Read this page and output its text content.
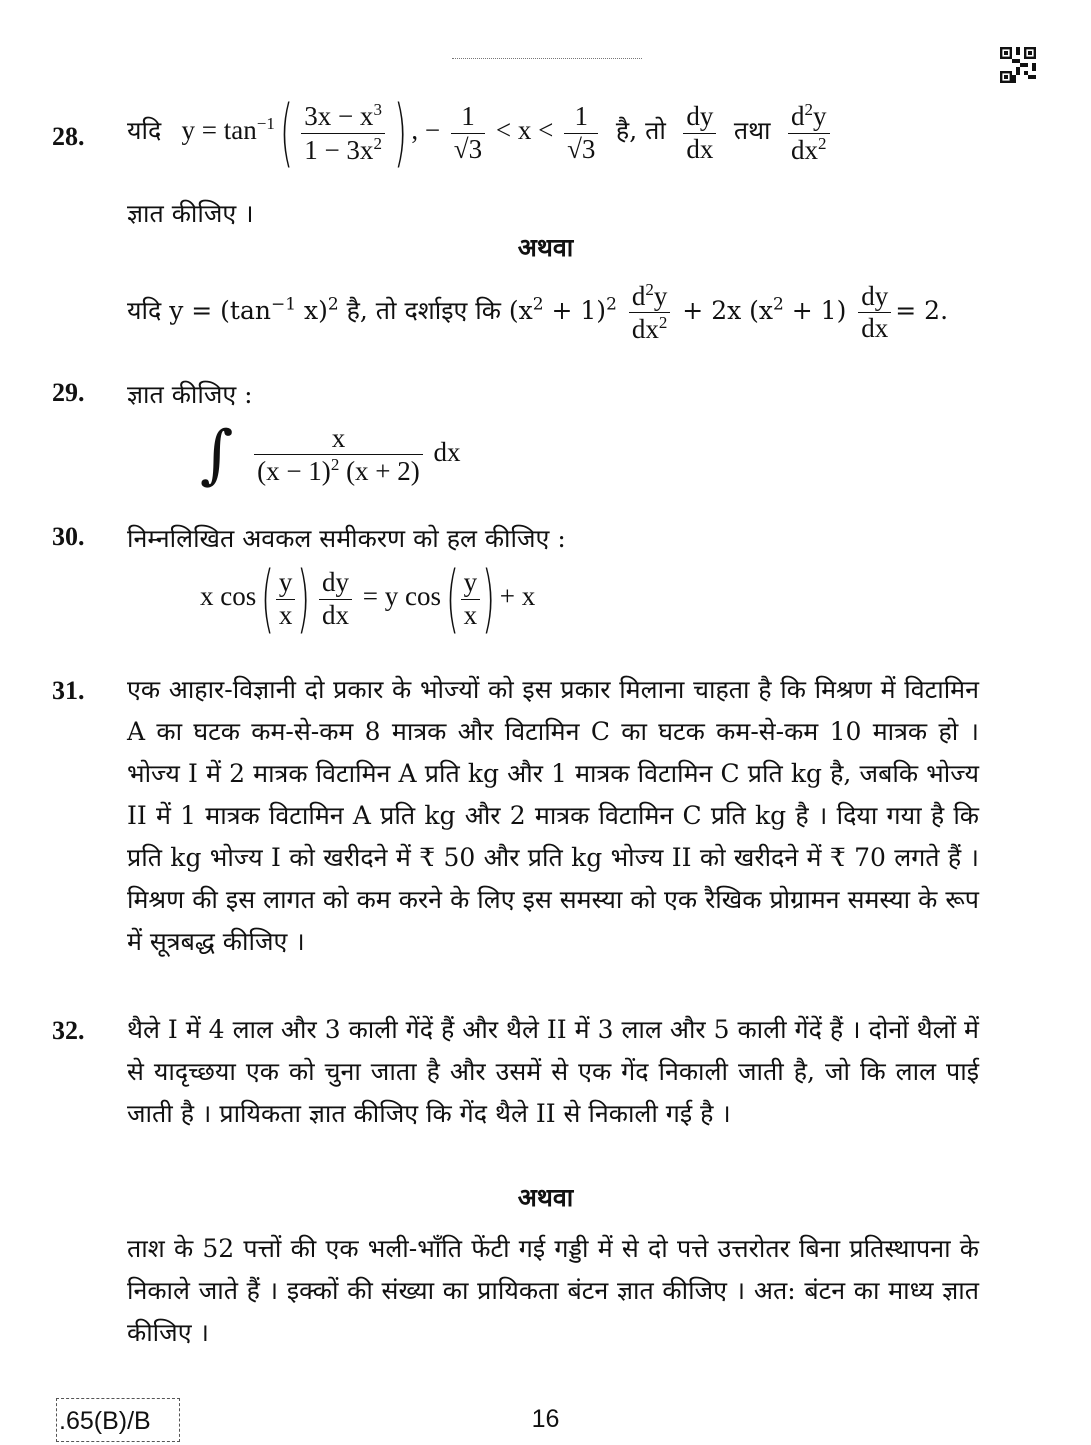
28. यदि $y = \tan^{-1}$ ( $\frac{3x - x^3}{1 - 3x^2}$ ) , − $\frac{1}{√3} < x < \frac{1}{√3}$ है, तो $\frac{dy}{dx}$ तथा $\frac{d^2y}{dx^2}$
ज्ञात कीजिए ।
अथवा
यदि $y = (\tan^{-1}$ x)$^2$ है, तो दर्शाइए कि $(x^2 + 1)^2 \frac{d^2y}{dx^2} + 2x$ $(x^2 + 1) \frac{dy}{dx} = 2$.
29. ज्ञात कीजिए :
∫ $\frac{x}{(x - 1)^2 (x + 2)}$ dx
30. निम्नलिखित अवकल समीकरण को हल कीजिए :
x cos ( $\frac{y}{x}$ ) $\frac{dy}{dx} = y$ cos ( $\frac{y}{x}$ ) + x
31. एक आहार-विज्ञानी दो प्रकार के भोज्यों को इस प्रकार मिलाना चाहता है कि मिश्रण में विटामिन A का घटक कम-से-कम 8 मात्रक और विटामिन C का घटक कम-से-कम 10 मात्रक हो । भोज्य I में 2 मात्रक विटामिन A प्रति kg और 1 मात्रक विटामिन C प्रति kg है, जबकि भोज्य II में 1 मात्रक विटामिन A प्रति kg और 2 मात्रक विटामिन C प्रति kg है । दिया गया है कि प्रति kg भोज्य I को खरीदने में ₹ 50 और प्रति kg भोज्य II को खरीदने में ₹ 70 लगते हैं । मिश्रण की इस लागत को कम करने के लिए इस समस्या को एक रैखिक प्रोग्रामन समस्या के रूप में सूत्रबद्ध कीजिए ।
32. थैले I में 4 लाल और 3 काली गेंदें हैं और थैले II में 3 लाल और 5 काली गेंदें हैं । दोनों थैलों में से यादृच्छया एक को चुना जाता है और उसमें से एक गेंद निकाली जाती है, जो कि लाल पाई जाती है । प्रायिकता ज्ञात कीजिए कि गेंद थैले II से निकाली गई है ।
अथवा
ताश के 52 पत्तों की एक भली-भाँति फेंटी गई गड्डी में से दो पत्ते उत्तरोतर बिना प्रतिस्थापना के निकाले जाते हैं । इक्कों की संख्या का प्रायिकता बंटन ज्ञात कीजिए । अत: बंटन का माध्य ज्ञात कीजिए ।
.65(B)/B	16
